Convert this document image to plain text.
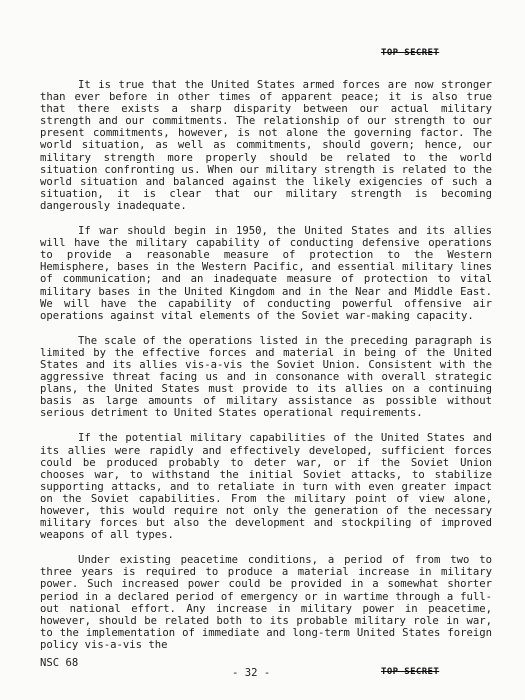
TOP SECRET

It is true that the United States armed forces are now stronger than ever before in other times of apparent peace; it is also true that there exists a sharp disparity between our actual military strength and our commitments. The relationship of our strength to our present commitments, however, is not alone the governing factor. The world situation, as well as commitments, should govern; hence, our military strength more properly should be related to the world situation confronting us. When our military strength is related to the world situation and balanced against the likely exigencies of such a situation, it is clear that our military strength is becoming dangerously inadequate.

If war should begin in 1950, the United States and its allies will have the military capability of conducting defensive operations to provide a reasonable measure of protection to the Western Hemisphere, bases in the Western Pacific, and essential military lines of communication; and an inadequate measure of protection to vital military bases in the United Kingdom and in the Near and Middle East. We will have the capability of conducting powerful offensive air operations against vital elements of the Soviet war-making capacity.

The scale of the operations listed in the preceding paragraph is limited by the effective forces and material in being of the United States and its allies vis-a-vis the Soviet Union. Consistent with the aggressive threat facing us and in consonance with overall strategic plans, the United States must provide to its allies on a continuing basis as large amounts of military assistance as possible without serious detriment to United States operational requirements.

If the potential military capabilities of the United States and its allies were rapidly and effectively developed, sufficient forces could be produced probably to deter war, or if the Soviet Union chooses war, to withstand the initial Soviet attacks, to stabilize supporting attacks, and to retaliate in turn with even greater impact on the Soviet capabilities. From the military point of view alone, however, this would require not only the generation of the necessary military forces but also the development and stockpiling of improved weapons of all types.

Under existing peacetime conditions, a period of from two to three years is required to produce a material increase in military power. Such increased power could be provided in a somewhat shorter period in a declared period of emergency or in wartime through a full-out national effort. Any increase in military power in peacetime, however, should be related both to its probable military role in war, to the implementation of immediate and long-term United States foreign policy vis-a-vis the

NSC 68
- 32 -	TOP SECRET
